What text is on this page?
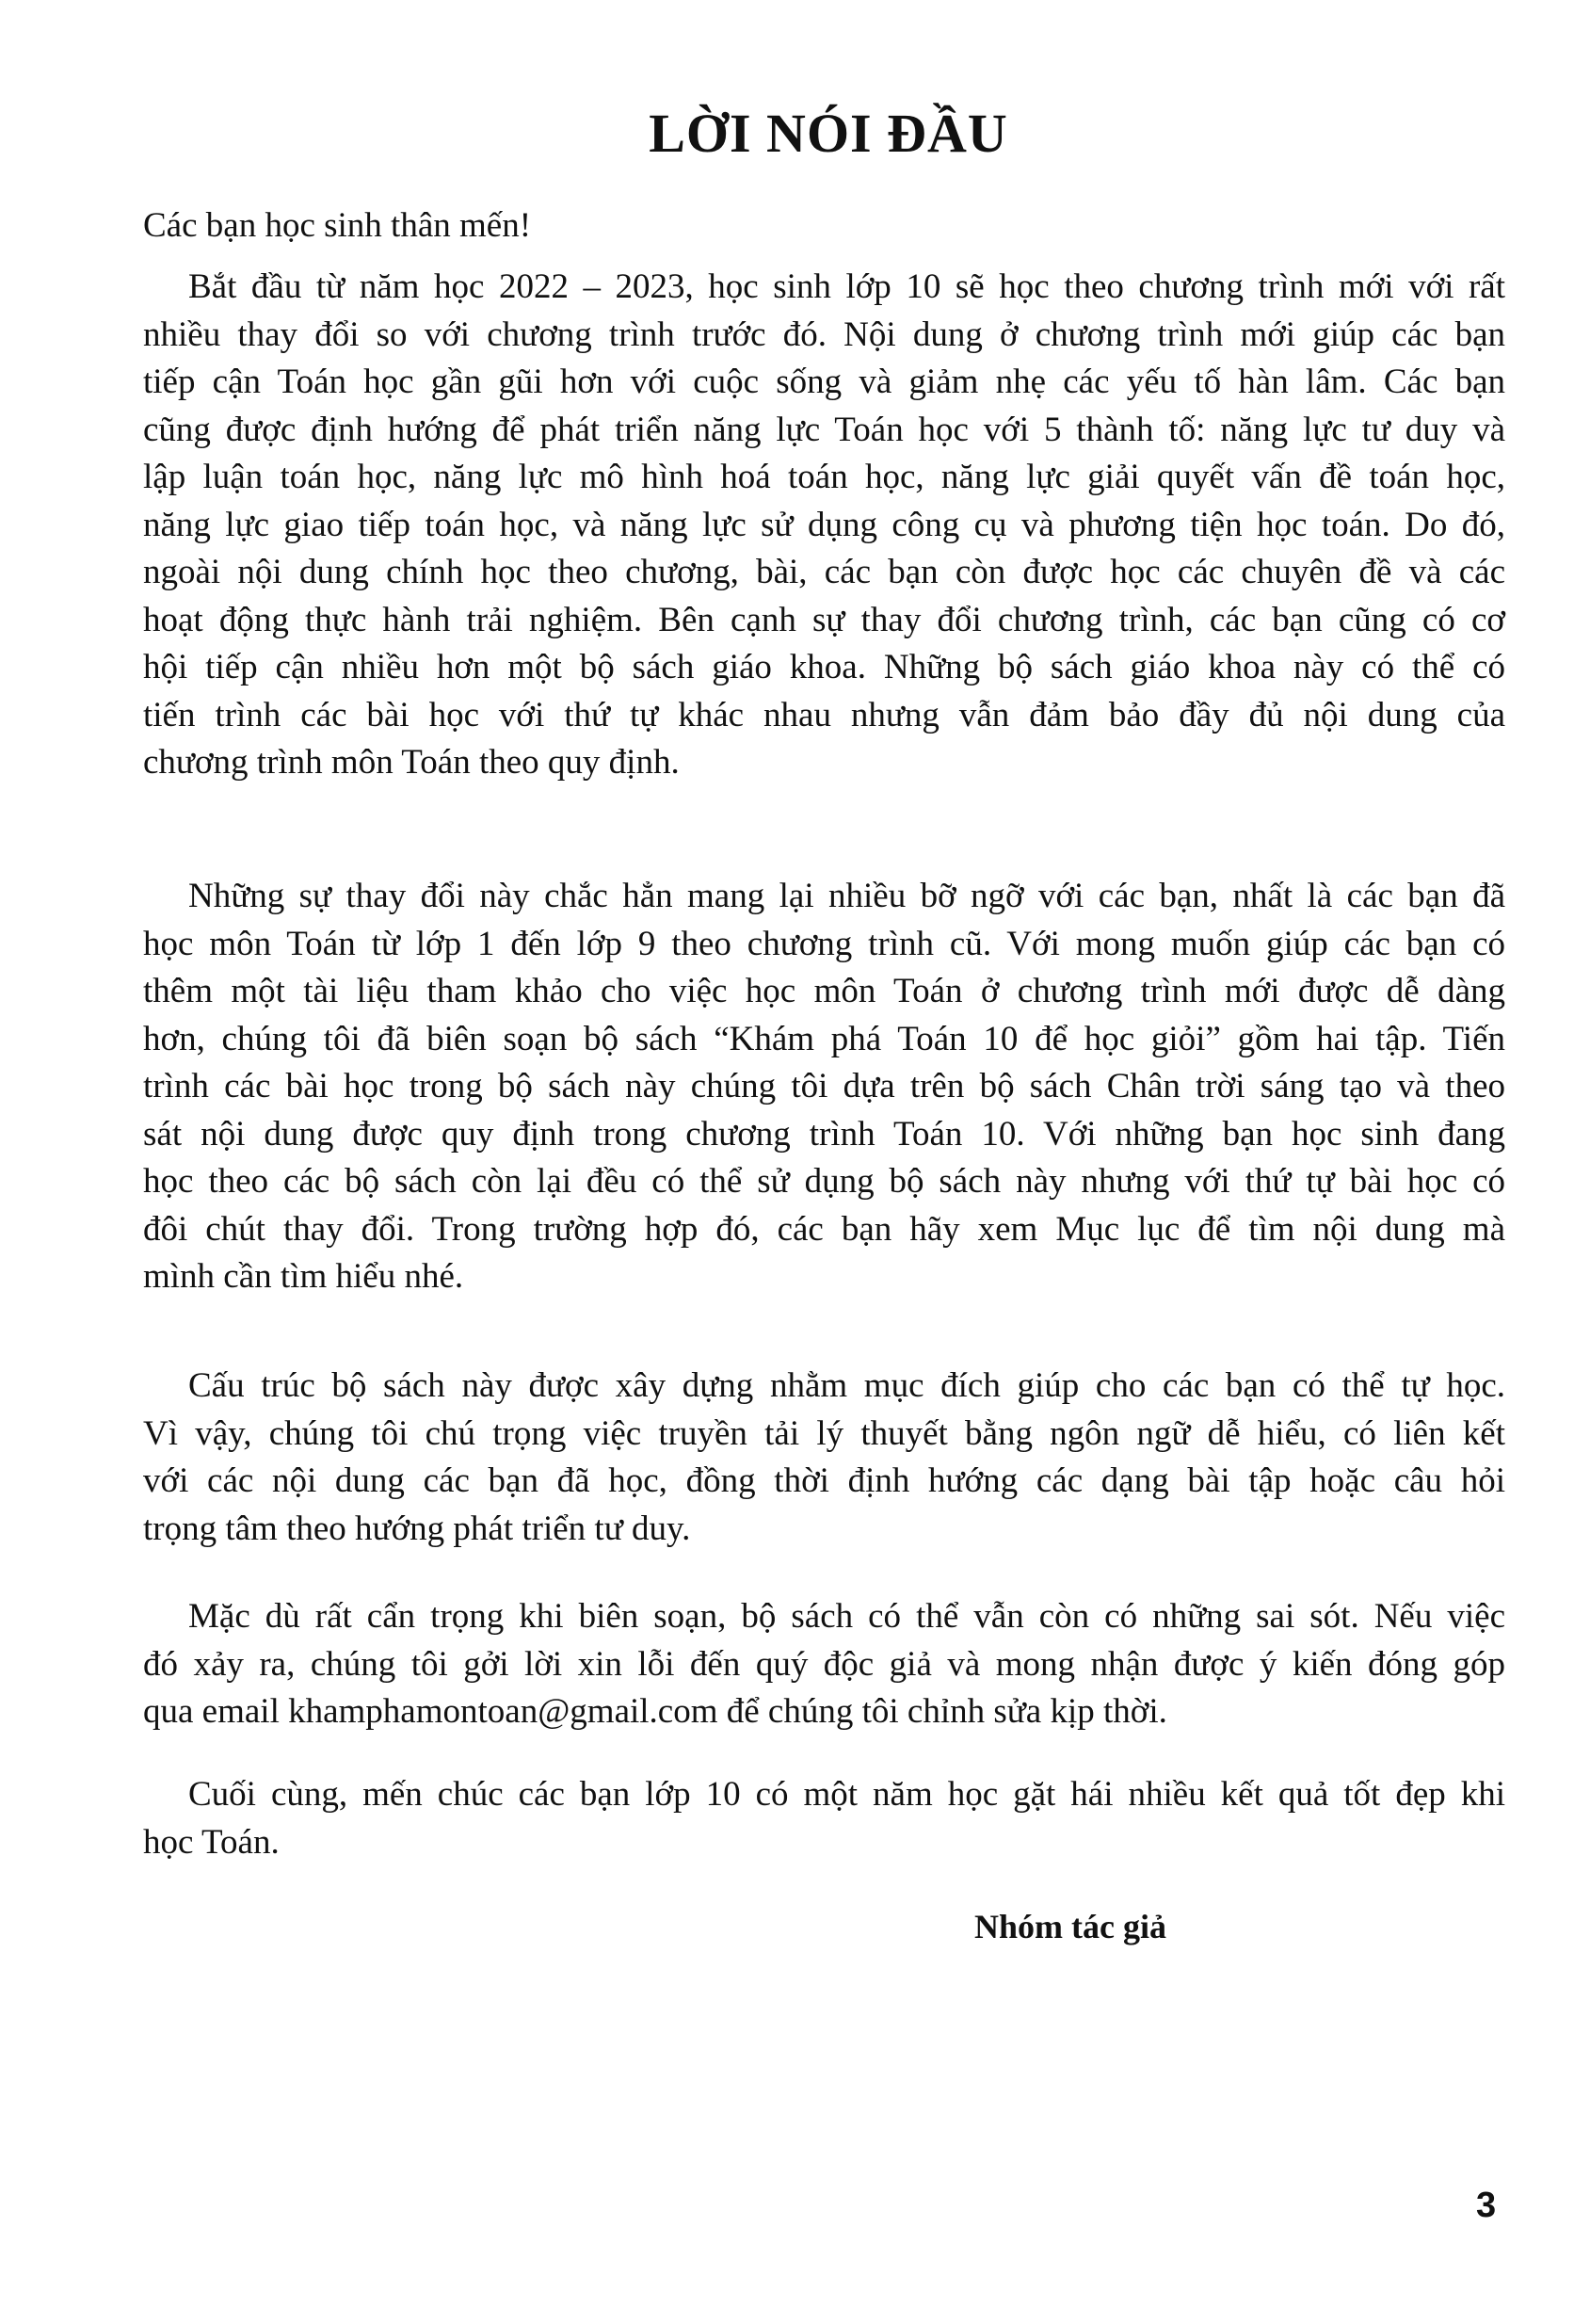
LỜI NÓI ĐẦU
Các bạn học sinh thân mến!
Bắt đầu từ năm học 2022 – 2023, học sinh lớp 10 sẽ học theo chương trình mới với rất
nhiều thay đổi so với chương trình trước đó. Nội dung ở chương trình mới giúp các bạn
tiếp cận Toán học gần gũi hơn với cuộc sống và giảm nhẹ các yếu tố hàn lâm. Các bạn
cũng được định hướng để phát triển năng lực Toán học với 5 thành tố: năng lực tư duy và
lập luận toán học, năng lực mô hình hoá toán học, năng lực giải quyết vấn đề toán học,
năng lực giao tiếp toán học, và năng lực sử dụng công cụ và phương tiện học toán. Do đó,
ngoài nội dung chính học theo chương, bài, các bạn còn được học các chuyên đề và các
hoạt động thực hành trải nghiệm. Bên cạnh sự thay đổi chương trình, các bạn cũng có cơ
hội tiếp cận nhiều hơn một bộ sách giáo khoa. Những bộ sách giáo khoa này có thể có
tiến trình các bài học với thứ tự khác nhau nhưng vẫn đảm bảo đầy đủ nội dung của
chương trình môn Toán theo quy định.
Những sự thay đổi này chắc hẳn mang lại nhiều bỡ ngỡ với các bạn, nhất là các bạn đã
học môn Toán từ lớp 1 đến lớp 9 theo chương trình cũ. Với mong muốn giúp các bạn có
thêm một tài liệu tham khảo cho việc học môn Toán ở chương trình mới được dễ dàng
hơn, chúng tôi đã biên soạn bộ sách “Khám phá Toán 10 để học giỏi” gồm hai tập. Tiến
trình các bài học trong bộ sách này chúng tôi dựa trên bộ sách Chân trời sáng tạo và theo
sát nội dung được quy định trong chương trình Toán 10. Với những bạn học sinh đang
học theo các bộ sách còn lại đều có thể sử dụng bộ sách này nhưng với thứ tự bài học có
đôi chút thay đổi. Trong trường hợp đó, các bạn hãy xem Mục lục để tìm nội dung mà
mình cần tìm hiểu nhé.
Cấu trúc bộ sách này được xây dựng nhằm mục đích giúp cho các bạn có thể tự học.
Vì vậy, chúng tôi chú trọng việc truyền tải lý thuyết bằng ngôn ngữ dễ hiểu, có liên kết
với các nội dung các bạn đã học, đồng thời định hướng các dạng bài tập hoặc câu hỏi
trọng tâm theo hướng phát triển tư duy.
Mặc dù rất cẩn trọng khi biên soạn, bộ sách có thể vẫn còn có những sai sót. Nếu việc
đó xảy ra, chúng tôi gởi lời xin lỗi đến quý độc giả và mong nhận được ý kiến đóng góp
qua email khamphamontoan@gmail.com để chúng tôi chỉnh sửa kịp thời.
Cuối cùng, mến chúc các bạn lớp 10 có một năm học gặt hái nhiều kết quả tốt đẹp khi
học Toán.
Nhóm tác giả
3
